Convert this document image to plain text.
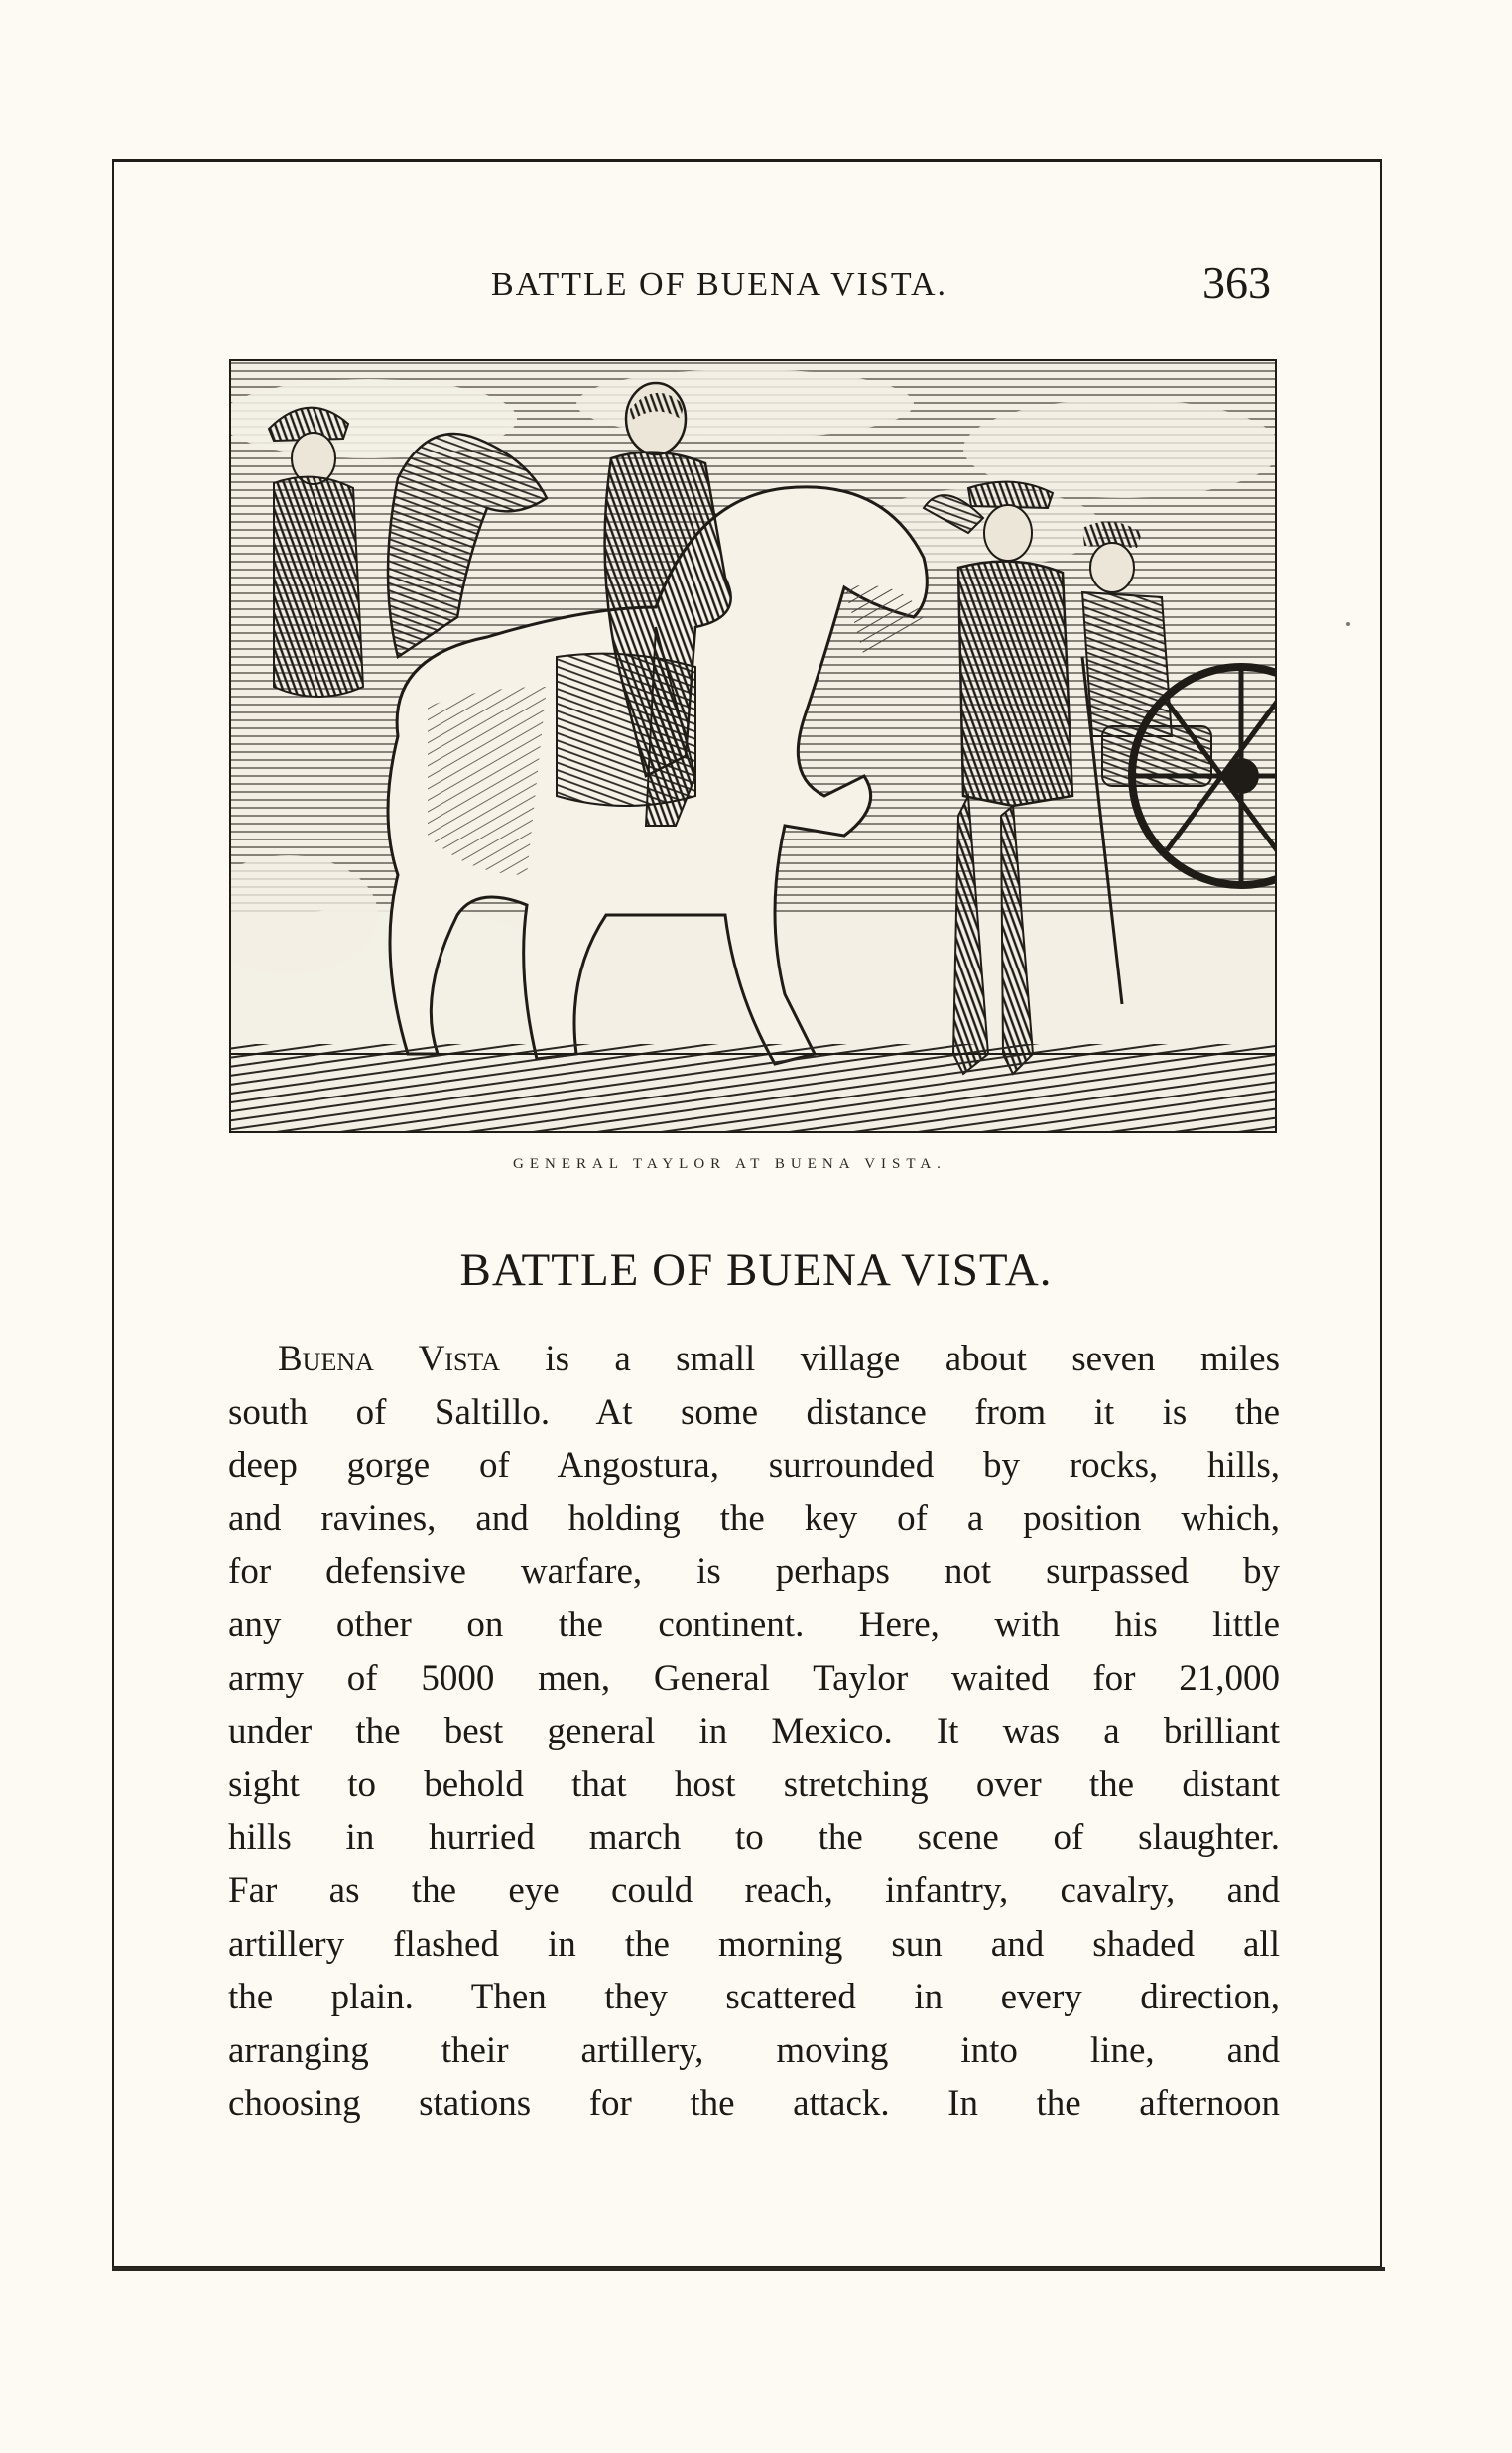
BATTLE OF BUENA VISTA.	363
GENERAL TAYLOR AT BUENA VISTA.
BATTLE OF BUENA VISTA.
Buena Vista is a small village about seven miles
south of Saltillo. At some distance from it is the
deep gorge of Angostura, surrounded by rocks, hills,
and ravines, and holding the key of a position which,
for defensive warfare, is perhaps not surpassed by
any other on the continent. Here, with his little
army of 5000 men, General Taylor waited for 21,000
under the best general in Mexico. It was a brilliant
sight to behold that host stretching over the distant
hills in hurried march to the scene of slaughter.
Far as the eye could reach, infantry, cavalry, and
artillery flashed in the morning sun and shaded all
the plain. Then they scattered in every direction,
arranging their artillery, moving into line, and
choosing stations for the attack. In the afternoon
